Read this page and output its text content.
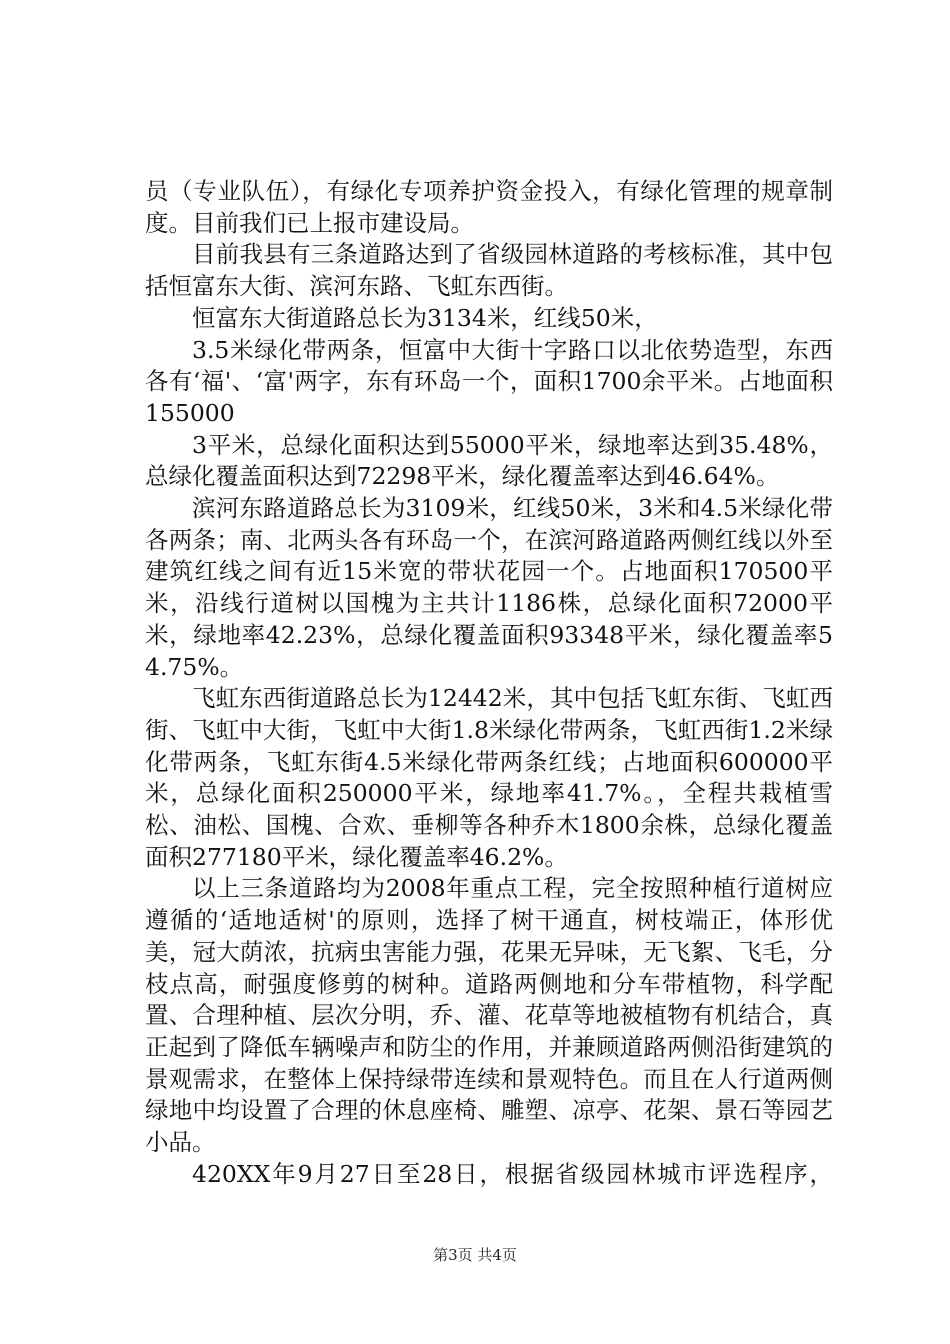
员（专业队伍），有绿化专项养护资金投入，有绿化管理的规章制度。目前我们已上报市建设局。

目前我县有三条道路达到了省级园林道路的考核标准，其中包括恒富东大街、滨河东路、飞虹东西街。

恒富东大街道路总长为3134米，红线50米，

3.5米绿化带两条，恒富中大街十字路口以北依势造型，东西各有‘福'、‘富'两字，东有环岛一个，面积1700余平米。占地面积155000

3平米，总绿化面积达到55000平米，绿地率达到35.48%，总绿化覆盖面积达到72298平米，绿化覆盖率达到46.64%。

滨河东路道路总长为3109米，红线50米，3米和4.5米绿化带各两条；南、北两头各有环岛一个，在滨河路道路两侧红线以外至建筑红线之间有近15米宽的带状花园一个。占地面积170500平米，沿线行道树以国槐为主共计1186株，总绿化面积72000平米，绿地率42.23%，总绿化覆盖面积93348平米，绿化覆盖率54.75%。

飞虹东西街道路总长为12442米，其中包括飞虹东街、飞虹西街、飞虹中大街，飞虹中大街1.8米绿化带两条，飞虹西街1.2米绿化带两条，飞虹东街4.5米绿化带两条红线；占地面积600000平米，总绿化面积250000平米，绿地率41.7%。，全程共栽植雪松、油松、国槐、合欢、垂柳等各种乔木1800余株，总绿化覆盖面积277180平米，绿化覆盖率46.2%。

以上三条道路均为2008年重点工程，完全按照种植行道树应遵循的‘适地适树'的原则，选择了树干通直，树枝端正，体形优美，冠大荫浓，抗病虫害能力强，花果无异味，无飞絮、飞毛，分枝点高，耐强度修剪的树种。道路两侧地和分车带植物，科学配置、合理种植、层次分明，乔、灌、花草等地被植物有机结合，真正起到了降低车辆噪声和防尘的作用，并兼顾道路两侧沿街建筑的景观需求，在整体上保持绿带连续和景观特色。而且在人行道两侧绿地中均设置了合理的休息座椅、雕塑、凉亭、花架、景石等园艺小品。

420XX年9月27日至28日，根据省级园林城市评选程序，

第3页 共4页
